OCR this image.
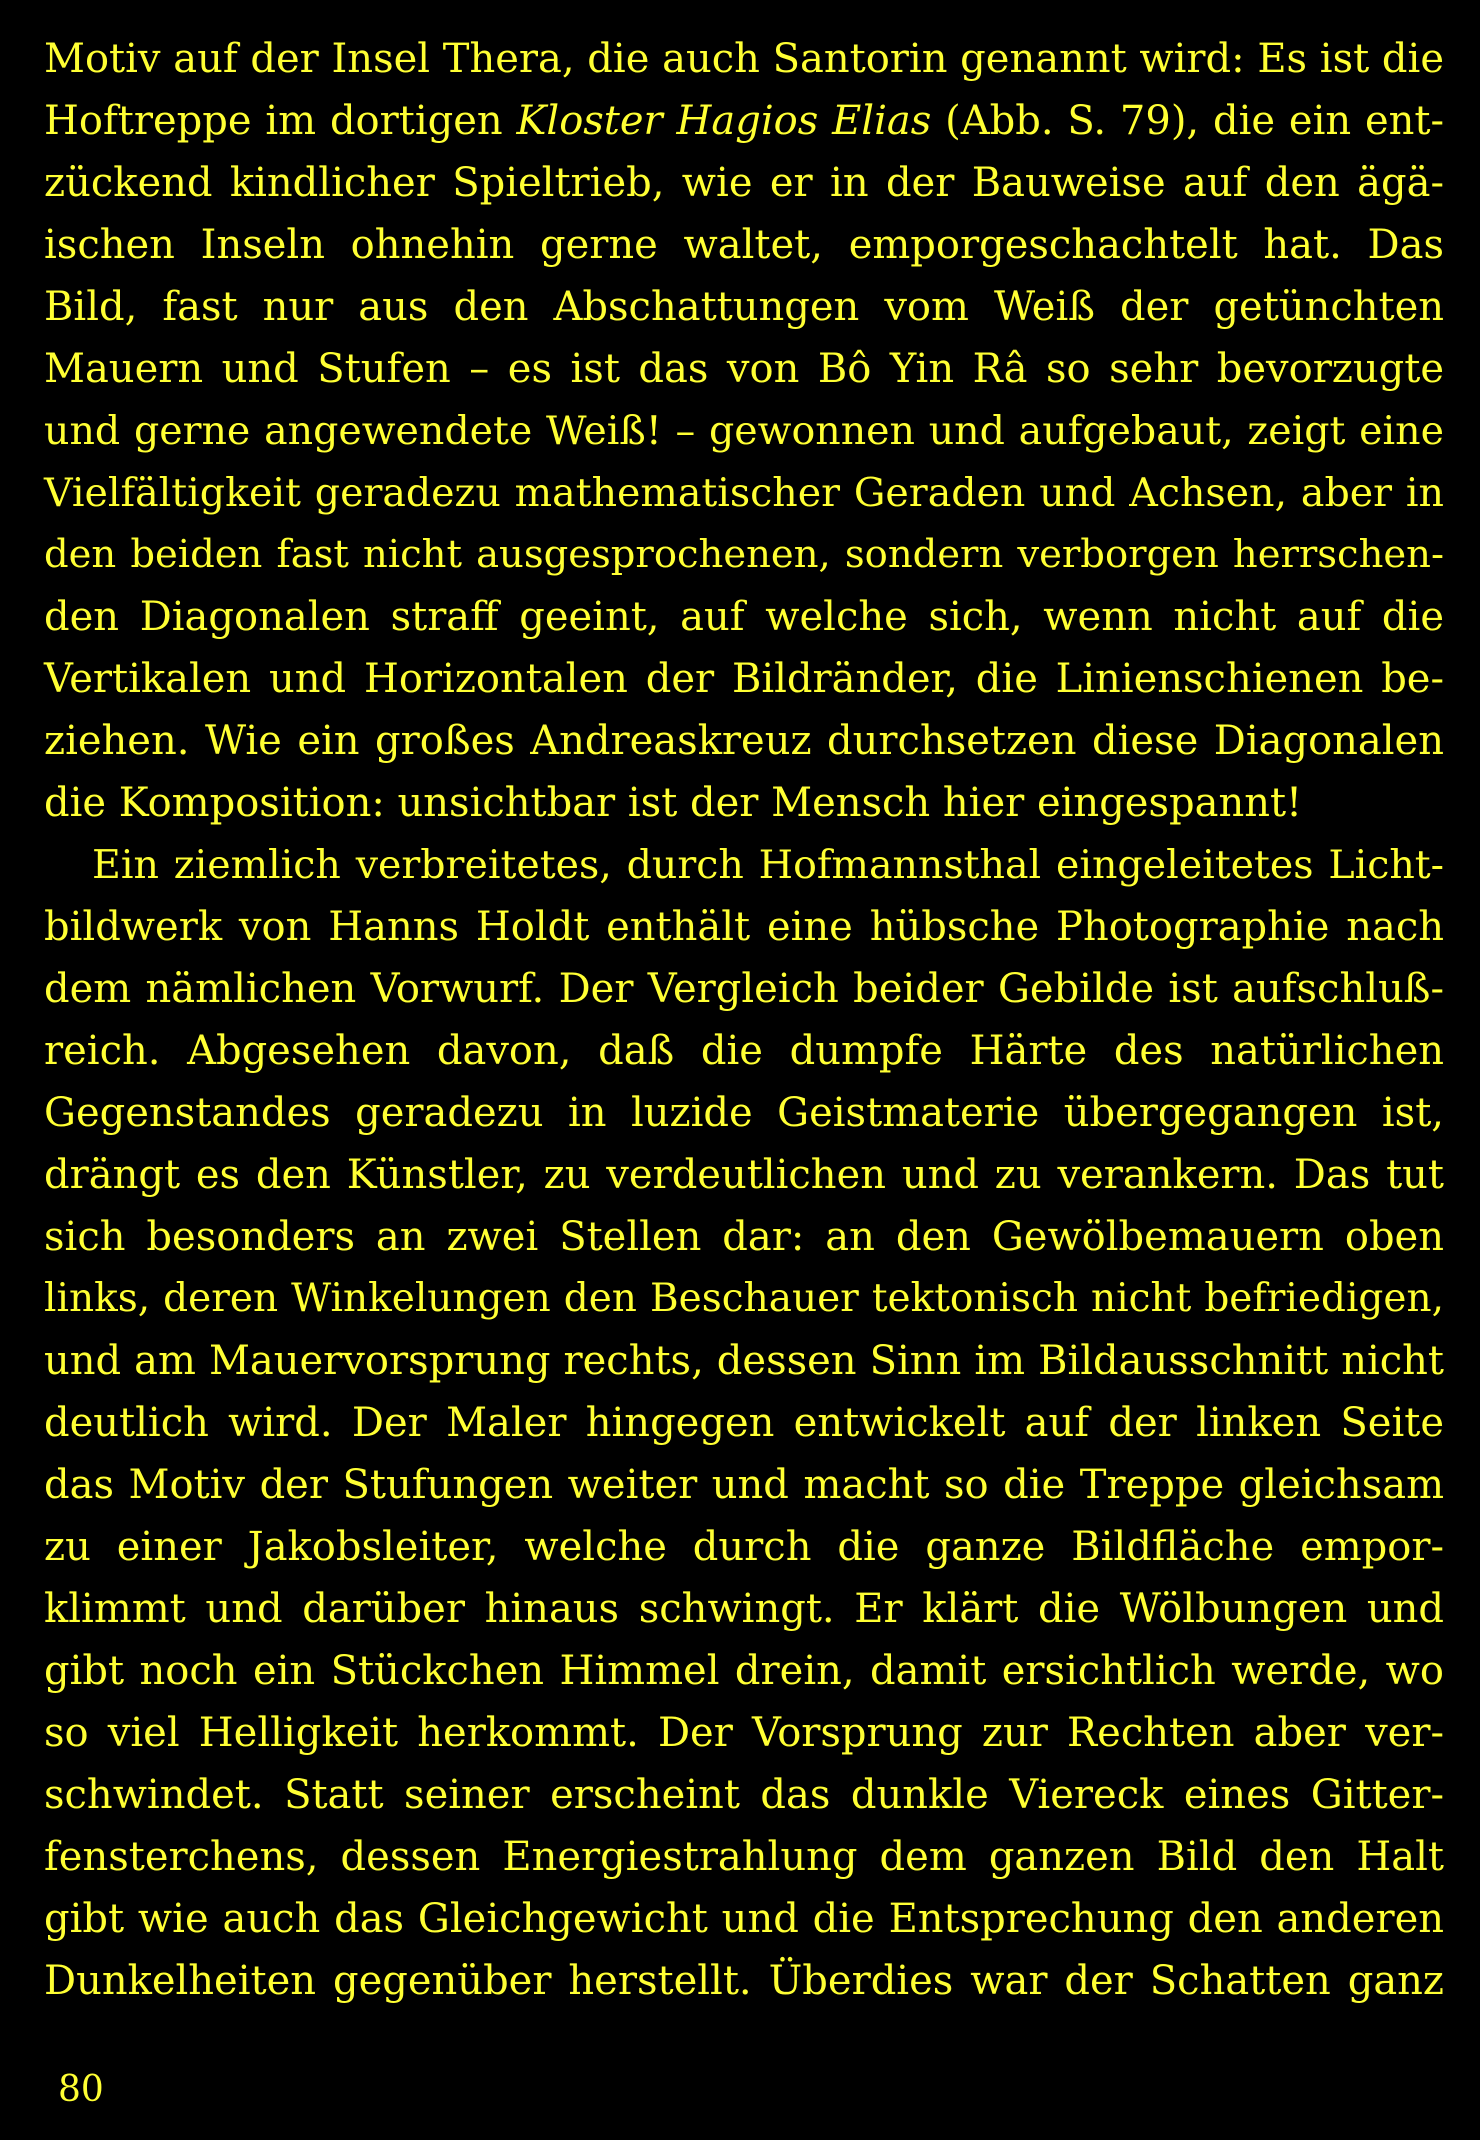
Motiv auf der Insel Thera, die auch Santorin genannt wird: Es ist die
Hoftreppe im dortigen Kloster Hagios Elias (Abb. S. 79), die ein ent-
zückend kindlicher Spieltrieb, wie er in der Bauweise auf den ägä-
ischen Inseln ohnehin gerne waltet, emporgeschachtelt hat. Das
Bild, fast nur aus den Abschattungen vom Weiß der getünchten
Mauern und Stufen – es ist das von Bô Yin Râ so sehr bevorzugte
und gerne angewendete Weiß! – gewonnen und aufgebaut, zeigt eine
Vielfältigkeit geradezu mathematischer Geraden und Achsen, aber in
den beiden fast nicht ausgesprochenen, sondern verborgen herrschen-
den Diagonalen straff geeint, auf welche sich, wenn nicht auf die
Vertikalen und Horizontalen der Bildränder, die Linienschienen be-
ziehen. Wie ein großes Andreaskreuz durchsetzen diese Diagonalen
die Komposition: unsichtbar ist der Mensch hier eingespannt!
Ein ziemlich verbreitetes, durch Hofmannsthal eingeleitetes Licht-
bildwerk von Hanns Holdt enthält eine hübsche Photographie nach
dem nämlichen Vorwurf. Der Vergleich beider Gebilde ist aufschluß-
reich. Abgesehen davon, daß die dumpfe Härte des natürlichen
Gegenstandes geradezu in luzide Geistmaterie übergegangen ist,
drängt es den Künstler, zu verdeutlichen und zu verankern. Das tut
sich besonders an zwei Stellen dar: an den Gewölbemauern oben
links, deren Winkelungen den Beschauer tektonisch nicht befriedigen,
und am Mauervorsprung rechts, dessen Sinn im Bildausschnitt nicht
deutlich wird. Der Maler hingegen entwickelt auf der linken Seite
das Motiv der Stufungen weiter und macht so die Treppe gleichsam
zu einer Jakobsleiter, welche durch die ganze Bildfläche empor-
klimmt und darüber hinaus schwingt. Er klärt die Wölbungen und
gibt noch ein Stückchen Himmel drein, damit ersichtlich werde, wo
so viel Helligkeit herkommt. Der Vorsprung zur Rechten aber ver-
schwindet. Statt seiner erscheint das dunkle Viereck eines Gitter-
fensterchens, dessen Energiestrahlung dem ganzen Bild den Halt
gibt wie auch das Gleichgewicht und die Entsprechung den anderen
Dunkelheiten gegenüber herstellt. Überdies war der Schatten ganz
80
